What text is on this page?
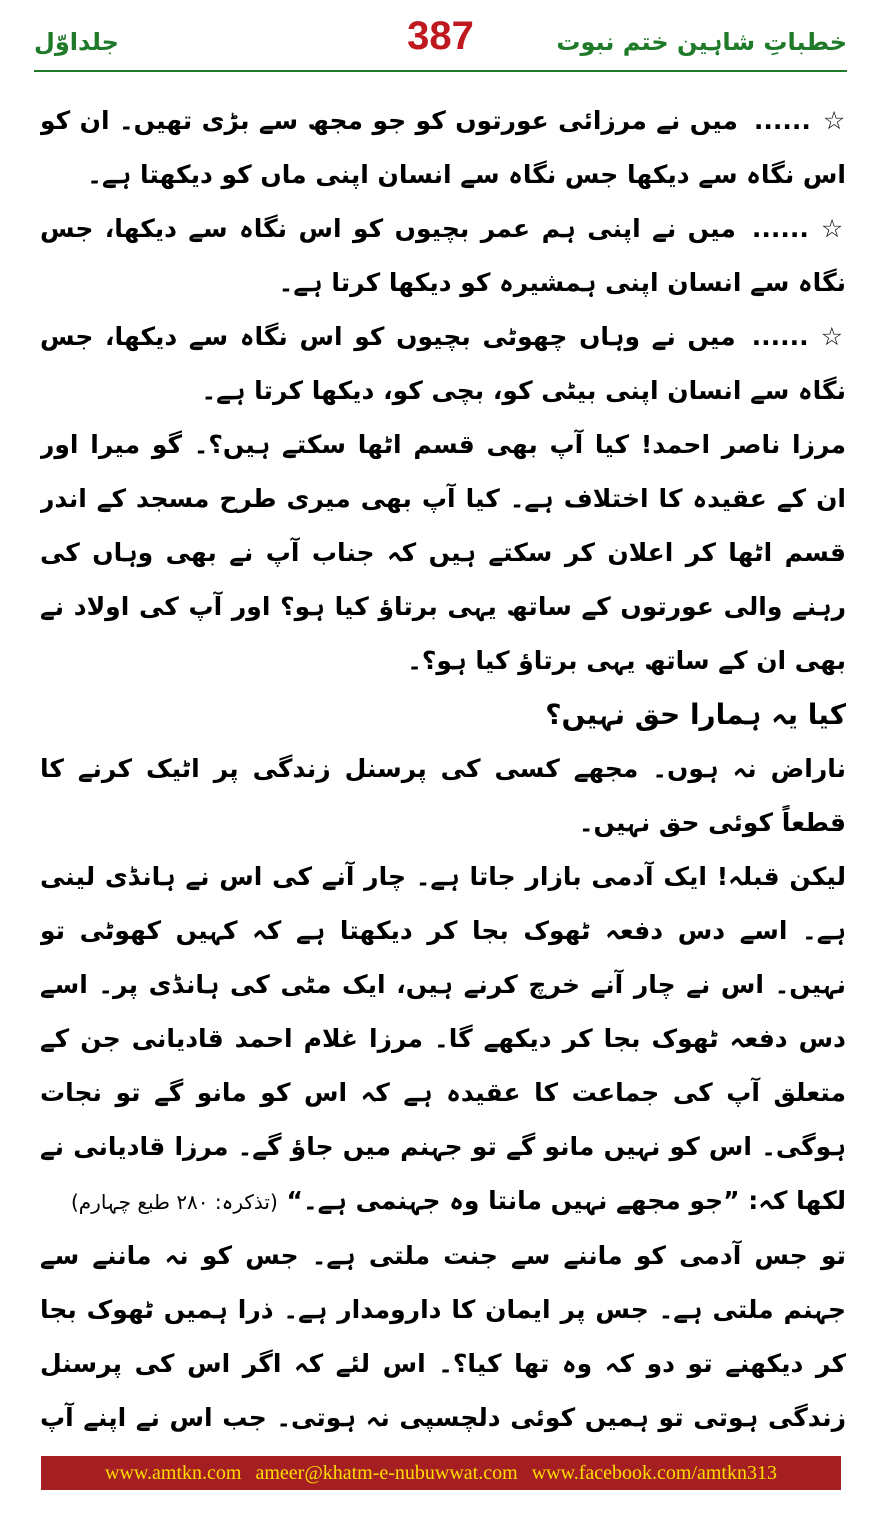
جلداوّل	387	خطباتِ شاہین ختم نبوت

☆......میں نے مرزائی عورتوں کو جو مجھ سے بڑی تھیں۔ ان کو اس نگاہ سے دیکھا جس نگاہ سے انسان اپنی ماں کو دیکھتا ہے۔

☆......میں نے اپنی ہم عمر بچیوں کو اس نگاہ سے دیکھا، جس نگاہ سے انسان اپنی ہمشیرہ کو دیکھا کرتا ہے۔

☆......میں نے وہاں چھوٹی بچیوں کو اس نگاہ سے دیکھا، جس نگاہ سے انسان اپنی بیٹی کو، بچی کو، دیکھا کرتا ہے۔

مرزا ناصر احمد! کیا آپ بھی قسم اٹھا سکتے ہیں؟۔ گو میرا اور ان کے عقیدہ کا اختلاف ہے۔ کیا آپ بھی میری طرح مسجد کے اندر قسم اٹھا کر اعلان کر سکتے ہیں کہ جناب آپ نے بھی وہاں کی رہنے والی عورتوں کے ساتھ یہی برتاؤ کیا ہو؟ اور آپ کی اولاد نے بھی ان کے ساتھ یہی برتاؤ کیا ہو؟۔

کیا یہ ہمارا حق نہیں؟

ناراض نہ ہوں۔ مجھے کسی کی پرسنل زندگی پر اٹیک کرنے کا قطعاً کوئی حق نہیں۔

لیکن قبلہ! ایک آدمی بازار جاتا ہے۔ چار آنے کی اس نے ہانڈی لینی ہے۔ اسے دس دفعہ ٹھوک بجا کر دیکھتا ہے کہ کہیں کھوٹی تو نہیں۔ اس نے چار آنے خرچ کرنے ہیں، ایک مٹی کی ہانڈی پر۔ اسے دس دفعہ ٹھوک بجا کر دیکھے گا۔ مرزا غلام احمد قادیانی جن کے متعلق آپ کی جماعت کا عقیدہ ہے کہ اس کو مانو گے تو نجات ہوگی۔ اس کو نہیں مانو گے تو جہنم میں جاؤ گے۔ مرزا قادیانی نے لکھا کہ: ”جو مجھے نہیں مانتا وہ جہنمی ہے۔“ (تذکرہ: ۲۸۰ طبع چہارم)

تو جس آدمی کو ماننے سے جنت ملتی ہے۔ جس کو نہ ماننے سے جہنم ملتی ہے۔ جس پر ایمان کا دارومدار ہے۔ ذرا ہمیں ٹھوک بجا کر دیکھنے تو دو کہ وہ تھا کیا؟۔ اس لئے کہ اگر اس کی پرسنل زندگی ہوتی تو ہمیں کوئی دلچسپی نہ ہوتی۔ جب اس نے اپنے آپ

www.amtkn.com ameer@khatm-e-nubuwwat.com www.facebook.com/amtkn313
